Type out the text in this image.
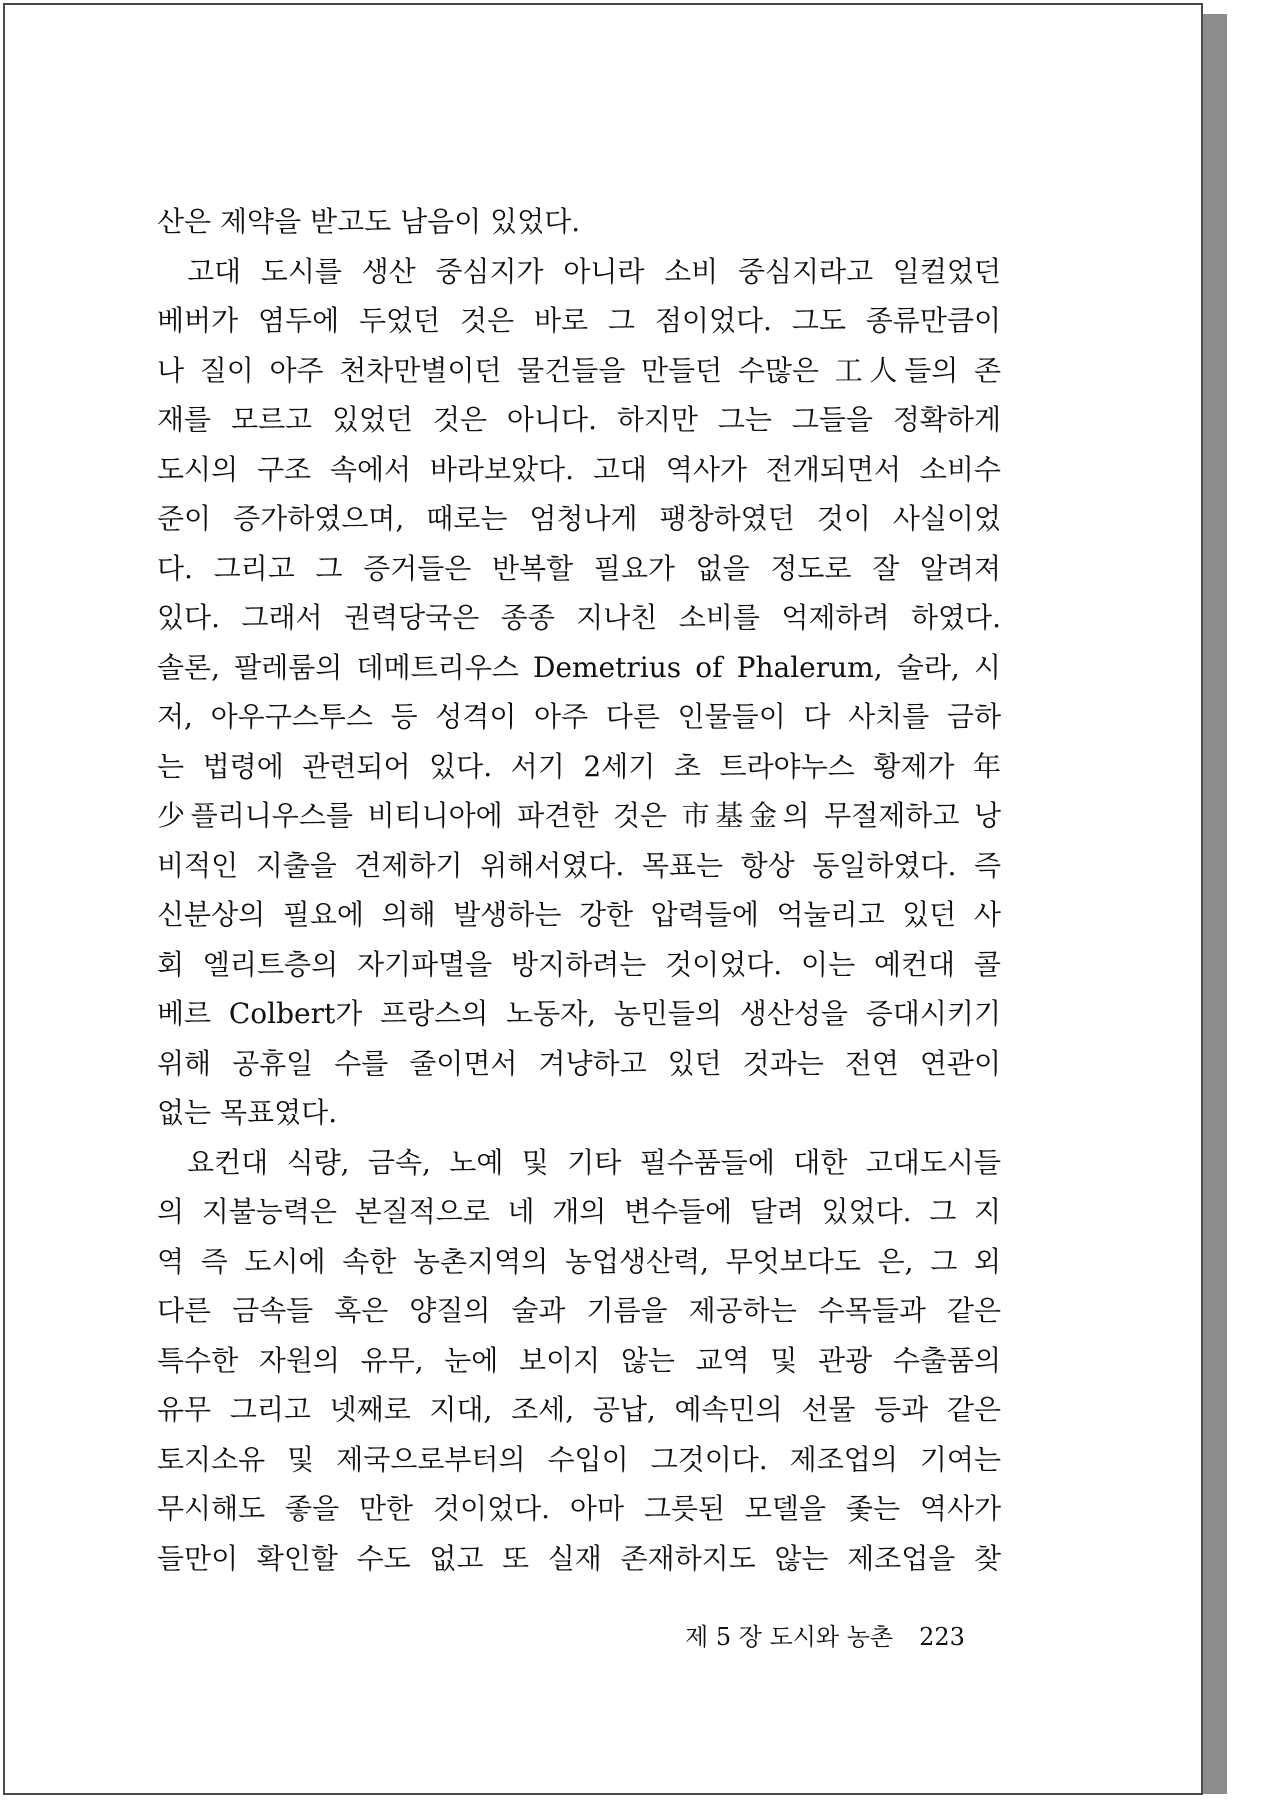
산은 제약을 받고도 남음이 있었다.
고대 도시를 생산 중심지가 아니라 소비 중심지라고 일컬었던
베버가 염두에 두었던 것은 바로 그 점이었다. 그도 종류만큼이
나 질이 아주 천차만별이던 물건들을 만들던 수많은 工人들의 존
재를 모르고 있었던 것은 아니다. 하지만 그는 그들을 정확하게
도시의 구조 속에서 바라보았다. 고대 역사가 전개되면서 소비수
준이 증가하였으며, 때로는 엄청나게 팽창하였던 것이 사실이었
다. 그리고 그 증거들은 반복할 필요가 없을 정도로 잘 알려져
있다. 그래서 권력당국은 종종 지나친 소비를 억제하려 하였다.
솔론, 팔레룸의 데메트리우스 Demetrius of Phalerum, 술라, 시
저, 아우구스투스 등 성격이 아주 다른 인물들이 다 사치를 금하
는 법령에 관련되어 있다. 서기 2세기 초 트라야누스 황제가 年
少플리니우스를 비티니아에 파견한 것은 市基金의 무절제하고 낭
비적인 지출을 견제하기 위해서였다. 목표는 항상 동일하였다. 즉
신분상의 필요에 의해 발생하는 강한 압력들에 억눌리고 있던 사
회 엘리트층의 자기파멸을 방지하려는 것이었다. 이는 예컨대 콜
베르 Colbert가 프랑스의 노동자, 농민들의 생산성을 증대시키기
위해 공휴일 수를 줄이면서 겨냥하고 있던 것과는 전연 연관이
없는 목표였다.
요컨대 식량, 금속, 노예 및 기타 필수품들에 대한 고대도시들
의 지불능력은 본질적으로 네 개의 변수들에 달려 있었다. 그 지
역 즉 도시에 속한 농촌지역의 농업생산력, 무엇보다도 은, 그 외
다른 금속들 혹은 양질의 술과 기름을 제공하는 수목들과 같은
특수한 자원의 유무, 눈에 보이지 않는 교역 및 관광 수출품의
유무 그리고 넷째로 지대, 조세, 공납, 예속민의 선물 등과 같은
토지소유 및 제국으로부터의 수입이 그것이다. 제조업의 기여는
무시해도 좋을 만한 것이었다. 아마 그릇된 모델을 좇는 역사가
들만이 확인할 수도 없고 또 실재 존재하지도 않는 제조업을 찾
제 5 장 도시와 농촌 223
